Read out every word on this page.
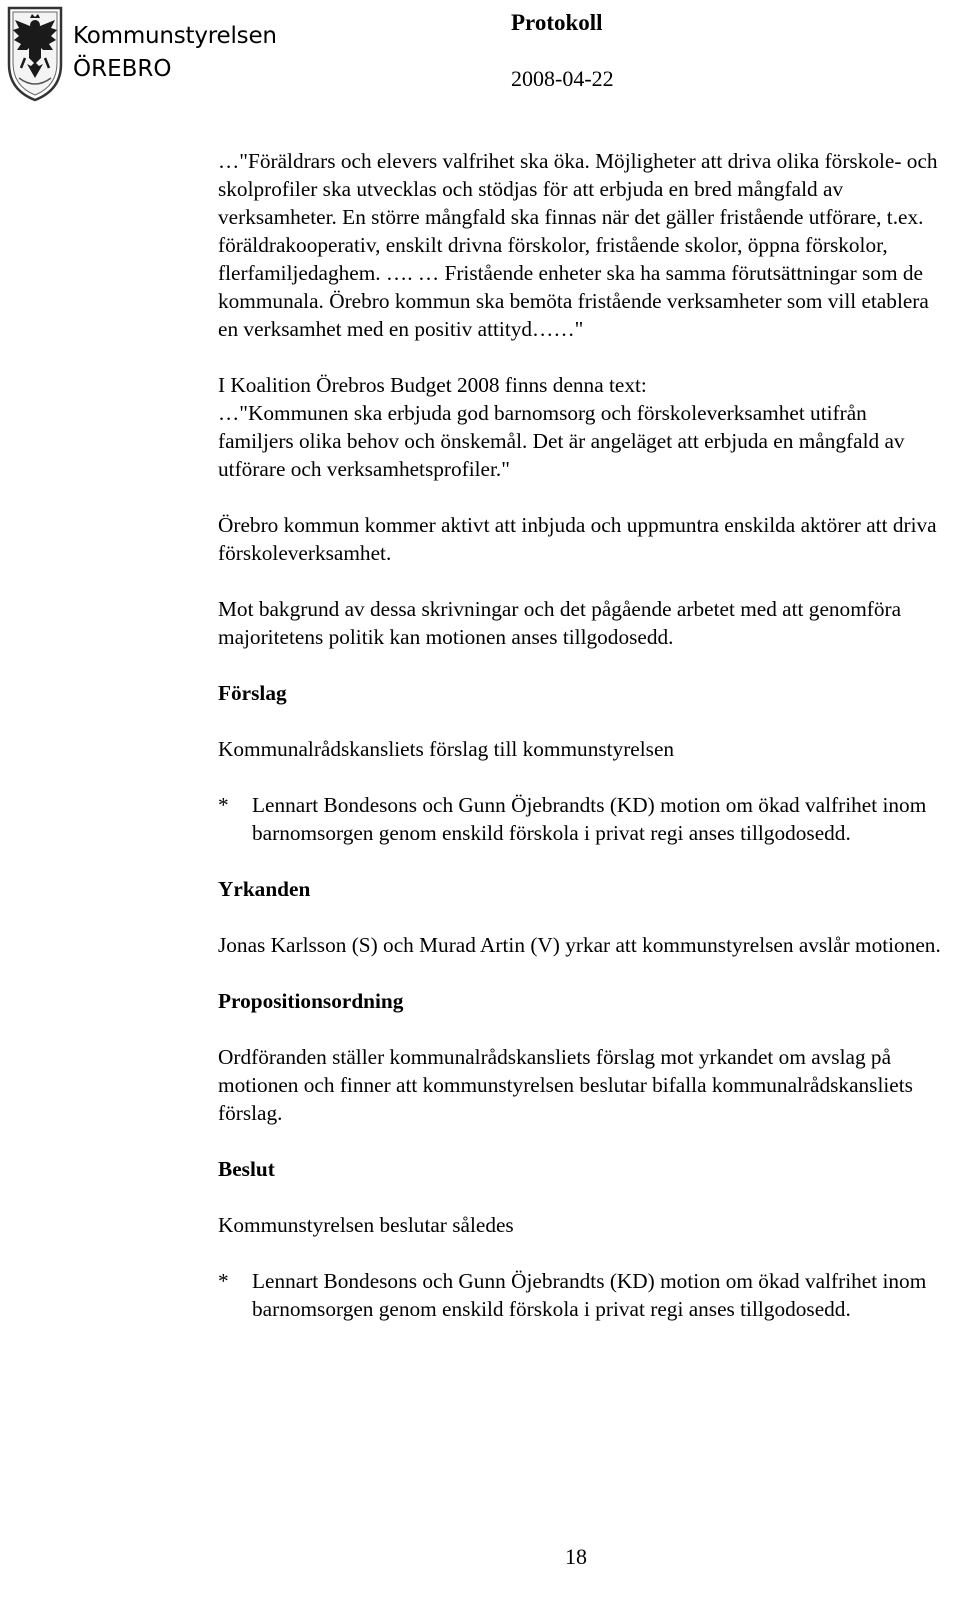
Kommunstyrelsen
ÖREBRO
Protokoll
2008-04-22

…"Föräldrars och elevers valfrihet ska öka. Möjligheter att driva olika förskole- och skolprofiler ska utvecklas och stödjas för att erbjuda en bred mångfald av verksamheter. En större mångfald ska finnas när det gäller fristående utförare, t.ex. föräldrakooperativ, enskilt drivna förskolor, fristående skolor, öppna förskolor, flerfamiljedaghem. …. … Fristående enheter ska ha samma förutsättningar som de kommunala. Örebro kommun ska bemöta fristående verksamheter som vill etablera en verksamhet med en positiv attityd……"

I Koalition Örebros Budget 2008 finns denna text:

…"Kommunen ska erbjuda god barnomsorg och förskoleverksamhet utifrån familjers olika behov och önskemål. Det är angeläget att erbjuda en mångfald av utförare och verksamhetsprofiler."

Örebro kommun kommer aktivt att inbjuda och uppmuntra enskilda aktörer att driva förskoleverksamhet.

Mot bakgrund av dessa skrivningar och det pågående arbetet med att genomföra majoritetens politik kan motionen anses tillgodosedd.

Förslag

Kommunalrådskansliets förslag till kommunstyrelsen

* Lennart Bondesons och Gunn Öjebrandts (KD) motion om ökad valfrihet inom barnomsorgen genom enskild förskola i privat regi anses tillgodosedd.

Yrkanden

Jonas Karlsson (S) och Murad Artin (V) yrkar att kommunstyrelsen avslår motionen.

Propositionsordning

Ordföranden ställer kommunalrådskansliets förslag mot yrkandet om avslag på motionen och finner att kommunstyrelsen beslutar bifalla kommunalrådskansliets förslag.

Beslut

Kommunstyrelsen beslutar således

* Lennart Bondesons och Gunn Öjebrandts (KD) motion om ökad valfrihet inom barnomsorgen genom enskild förskola i privat regi anses tillgodosedd.
18
